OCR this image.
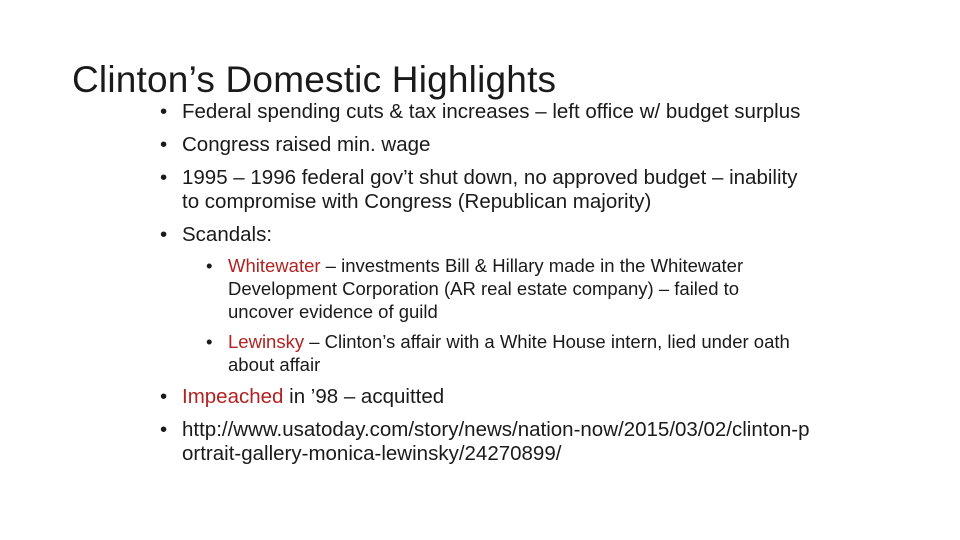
Clinton’s Domestic Highlights
• Federal spending cuts & tax increases – left office w/ budget surplus
• Congress raised min. wage
• 1995 – 1996 federal gov’t shut down, no approved budget – inability to compromise with Congress (Republican majority)
• Scandals:
• Whitewater – investments Bill & Hillary made in the Whitewater Development Corporation (AR real estate company) – failed to uncover evidence of guild
• Lewinsky – Clinton’s affair with a White House intern, lied under oath about affair
• Impeached in ’98 – acquitted
• http://www.usatoday.com/story/news/nation-now/2015/03/02/clinton-portrait-gallery-monica-lewinsky/24270899/
